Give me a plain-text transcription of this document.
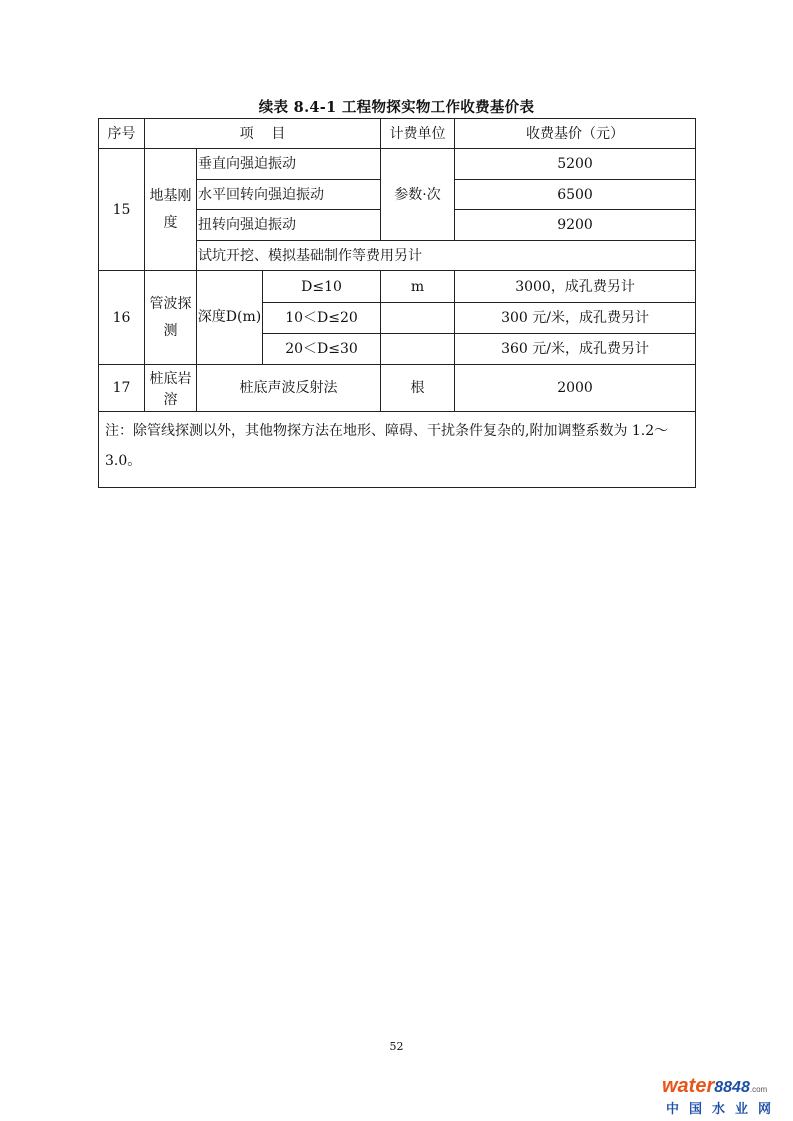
续表 8.4-1 工程物探实物工作收费基价表
序号	项    目			计费单位	收费基价（元）
15	地基刚度	垂直向强迫振动		参数·次	5200
		水平回转向强迫振动			6500
		扭转向强迫振动			9200
		试坑开挖、模拟基础制作等费用另计			
16	管波探测	深度D(m)	D≤10	m	3000，成孔费另计
			10＜D≤20		300 元/米，成孔费另计
			20＜D≤30		360 元/米，成孔费另计
17	桩底岩溶	桩底声波反射法		根	2000
注：除管线探测以外，其他物探方法在地形、障碍、干扰条件复杂的,附加调整系数为 1.2～3.0。					
52
water8848.com
中国水业网
